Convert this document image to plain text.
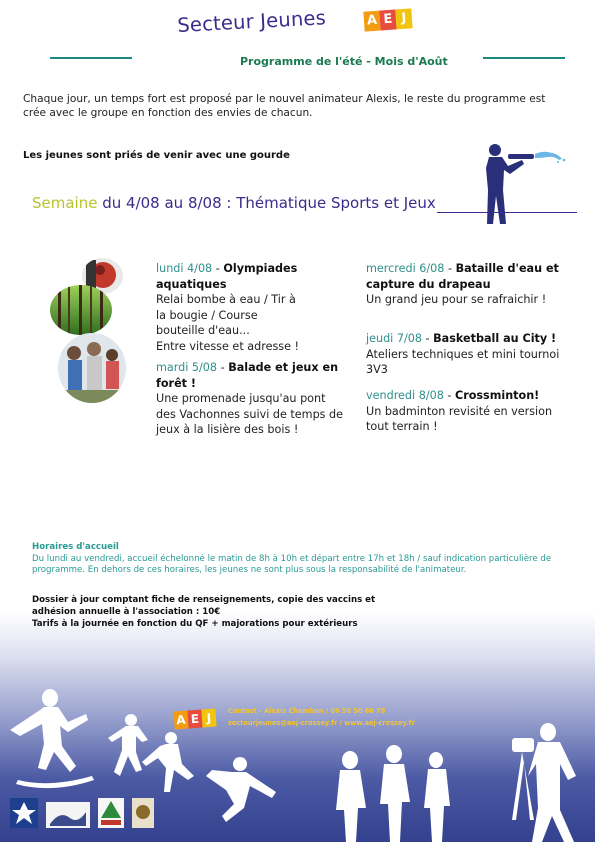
Secteur Jeunes	A E J
Programme de l'été - Mois d'Août

Chaque jour, un temps fort est proposé par le nouvel animateur Alexis, le reste du programme est crée avec le groupe en fonction des envies de chacun.

Les jeunes sont priés de venir avec une gourde

Semaine du 4/08 au 8/08 : Thématique Sports et Jeux

lundi 4/08 - Olympiades aquatiques

Relai bombe à eau / Tir à la bougie / Course bouteille d'eau...

Entre vitesse et adresse !

mardi 5/08 - Balade et jeux en forêt !

Une promenade jusqu'au pont des Vachonnes suivi de temps de jeux à la lisière des bois !

mercredi 6/08 - Bataille d'eau et capture du drapeau

Un grand jeu pour se rafraichir !

jeudi 7/08 - Basketball au City !

Ateliers techniques et mini tournoi 3V3

vendredi 8/08 - Crossminton!

Un badminton revisité en version tout terrain !

Horaires d'accueil

Du lundi au vendredi, accueil échelonné le matin de 8h à 10h et départ entre 17h et 18h / sauf indication particulière de programme. En dehors de ces horaires, les jeunes ne sont plus sous la responsabilité de l'animateur.

Dossier à jour comptant fiche de renseignements, copie des vaccins et adhésion annuelle à l'association : 10€

Tarifs à la journée en fonction du QF + majorations pour extérieurs

A E J	Contact - Alexis Chambon / 06 58 50 66 78

secteurjeunes@aej-crossey.fr / www.aej-crossey.fr
